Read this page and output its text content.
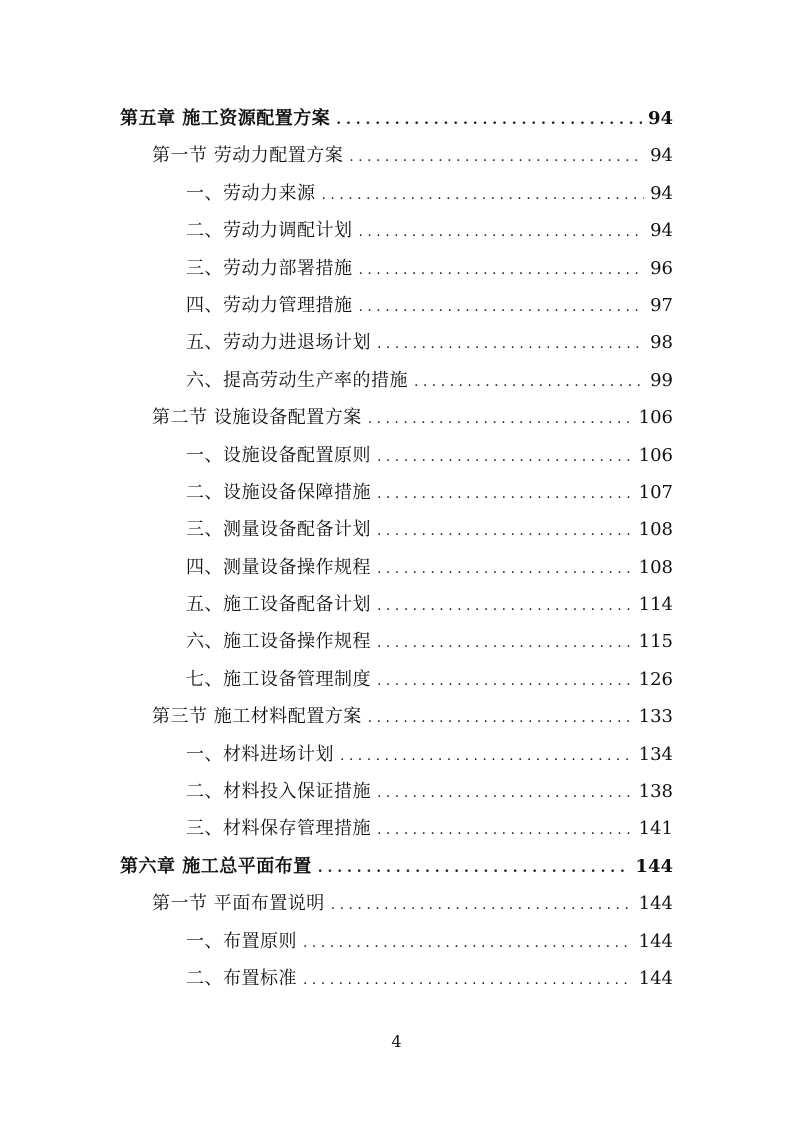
第五章 施工资源配置方案 . . .	94
第一节 劳动力配置方案 . . .	94
一、劳动力来源 . . .	94
二、劳动力调配计划 . . .	94
三、劳动力部署措施 . . .	96
四、劳动力管理措施 . . .	97
五、劳动力进退场计划 . . .	98
六、提高劳动生产率的措施 . . .	99
第二节 设施设备配置方案 . . .	106
一、设施设备配置原则 . . .	106
二、设施设备保障措施 . . .	107
三、测量设备配备计划 . . .	108
四、测量设备操作规程 . . .	108
五、施工设备配备计划 . . .	114
六、施工设备操作规程 . . .	115
七、施工设备管理制度 . . .	126
第三节 施工材料配置方案 . . .	133
一、材料进场计划 . . .	134
二、材料投入保证措施 . . .	138
三、材料保存管理措施 . . .	141
第六章 施工总平面布置 . . .	144
第一节 平面布置说明 . . .	144
一、布置原则 . . .	144
二、布置标准 . . .	144
4
